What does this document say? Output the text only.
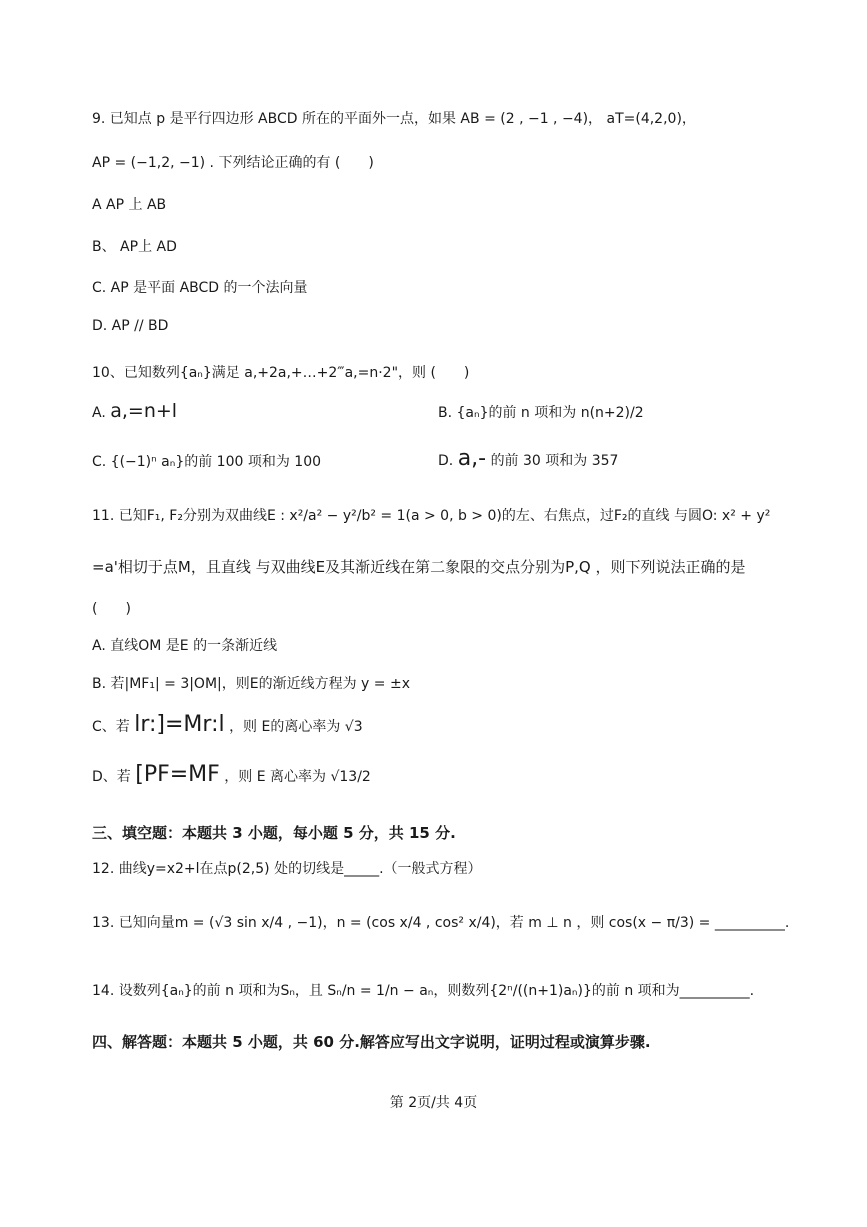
9. 已知点 p 是平行四边形 ABCD 所在的平面外一点，如果 AB = (2 , −1 , −4)， aT=(4,2,0)，
AP = (−1,2, −1) . 下列结论正确的有 (　　)
A AP 上 AB
B、 AP上 AD
C. AP 是平面 ABCD 的一个法向量
D. AP // BD
10、已知数列{aₙ}满足 a,+2a,+…+2‴a,=n·2"，则 (　　)
A. a,=n+l	B. {aₙ}的前 n 项和为 n(n+2)/2
C. {(−1)ⁿ aₙ}的前 100 项和为 100	D. a,- 的前 30 项和为 357
11. 已知F₁, F₂分别为双曲线E : x²/a² − y²/b² = 1(a > 0, b > 0)的左、右焦点，过F₂的直线 与圆O: x² + y²
=a'相切于点M，且直线 与双曲线E及其渐近线在第二象限的交点分别为P,Q ，则下列说法正确的是
(　　)
A. 直线OM 是E 的一条渐近线
B. 若|MF₁| = 3|OM|，则E的渐近线方程为 y = ±x
C、若 lr:]=Mr:l ，则 E的离心率为 √3
D、若 [PF=MF ，则 E 离心率为 √13/2
三、填空题：本题共 3 小题，每小题 5 分，共 15 分.
12. 曲线y=x2+l在点p(2,5) 处的切线是_____.（一般式方程）
13. 已知向量m = (√3 sin x/4 , −1)，n = (cos x/4 , cos² x/4)，若 m ⊥ n ，则 cos(x − π/3) = __________.
14. 设数列{aₙ}的前 n 项和为Sₙ，且 Sₙ/n = 1/n − aₙ，则数列{2ⁿ/((n+1)aₙ)}的前 n 项和为__________.
四、解答题：本题共 5 小题，共 60 分.解答应写出文字说明，证明过程或演算步骤.
第 2页/共 4页
